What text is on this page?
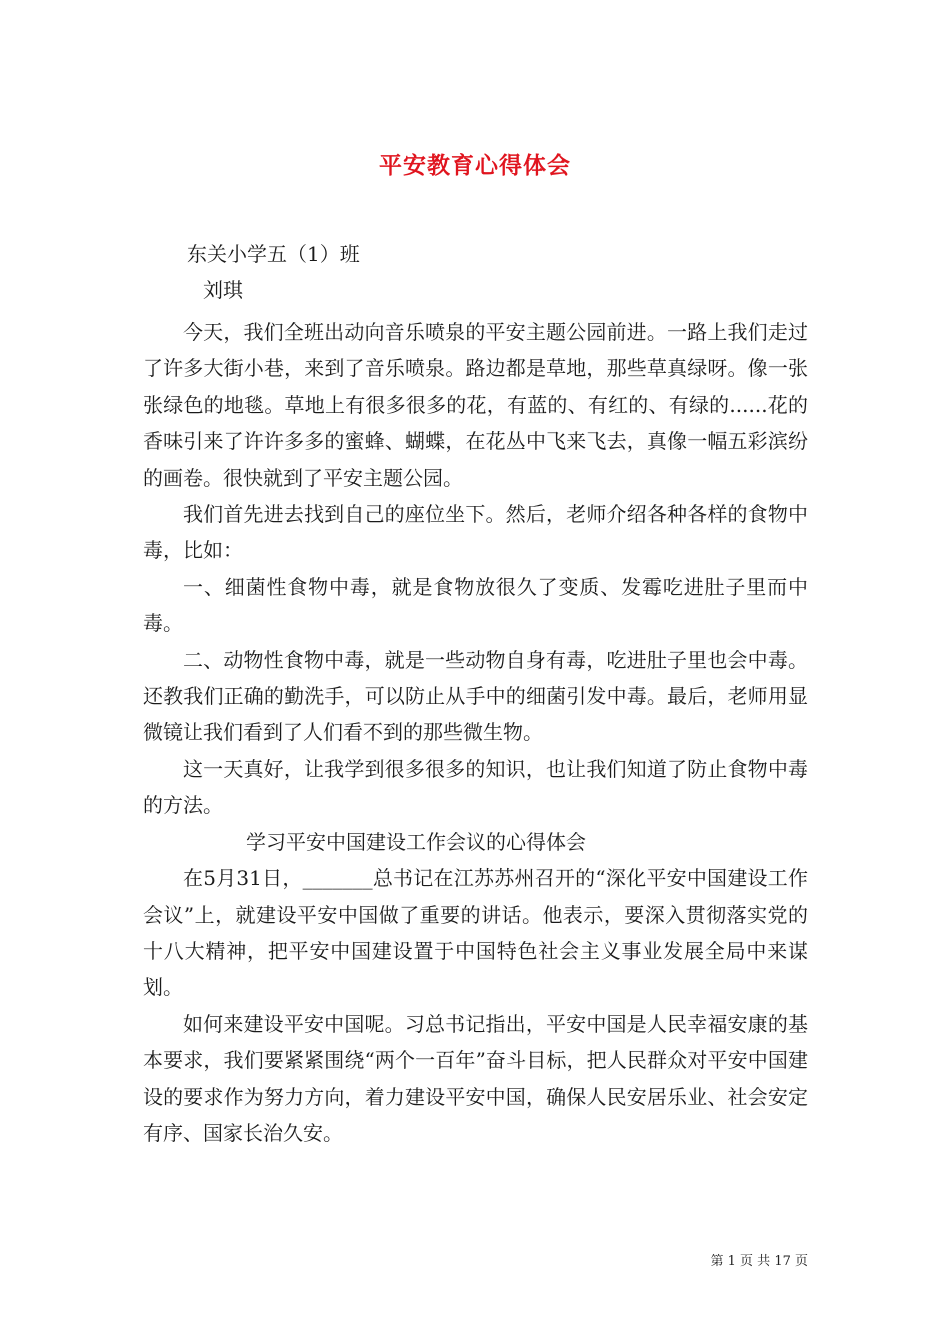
平安教育心得体会
东关小学五（1）班
刘琪

今天，我们全班出动向音乐喷泉的平安主题公园前进。一路上我们走过了许多大街小巷，来到了音乐喷泉。路边都是草地，那些草真绿呀。像一张张绿色的地毯。草地上有很多很多的花，有蓝的、有红的、有绿的......花的香味引来了许许多多的蜜蜂、蝴蝶，在花丛中飞来飞去，真像一幅五彩滨纷的画卷。很快就到了平安主题公园。

我们首先进去找到自己的座位坐下。然后，老师介绍各种各样的食物中毒，比如：

一、细菌性食物中毒，就是食物放很久了变质、发霉吃进肚子里而中毒。

二、动物性食物中毒，就是一些动物自身有毒，吃进肚子里也会中毒。还教我们正确的勤洗手，可以防止从手中的细菌引发中毒。最后，老师用显微镜让我们看到了人们看不到的那些微生物。

这一天真好，让我学到很多很多的知识，也让我们知道了防止食物中毒的方法。

学习平安中国建设工作会议的心得体会

在5月31日，_______总书记在江苏苏州召开的“深化平安中国建设工作会议”上，就建设平安中国做了重要的讲话。他表示，要深入贯彻落实党的十八大精神，把平安中国建设置于中国特色社会主义事业发展全局中来谋划。

如何来建设平安中国呢。习总书记指出，平安中国是人民幸福安康的基本要求，我们要紧紧围绕“两个一百年”奋斗目标，把人民群众对平安中国建设的要求作为努力方向，着力建设平安中国，确保人民安居乐业、社会安定有序、国家长治久安。

第 1 页 共 17 页
